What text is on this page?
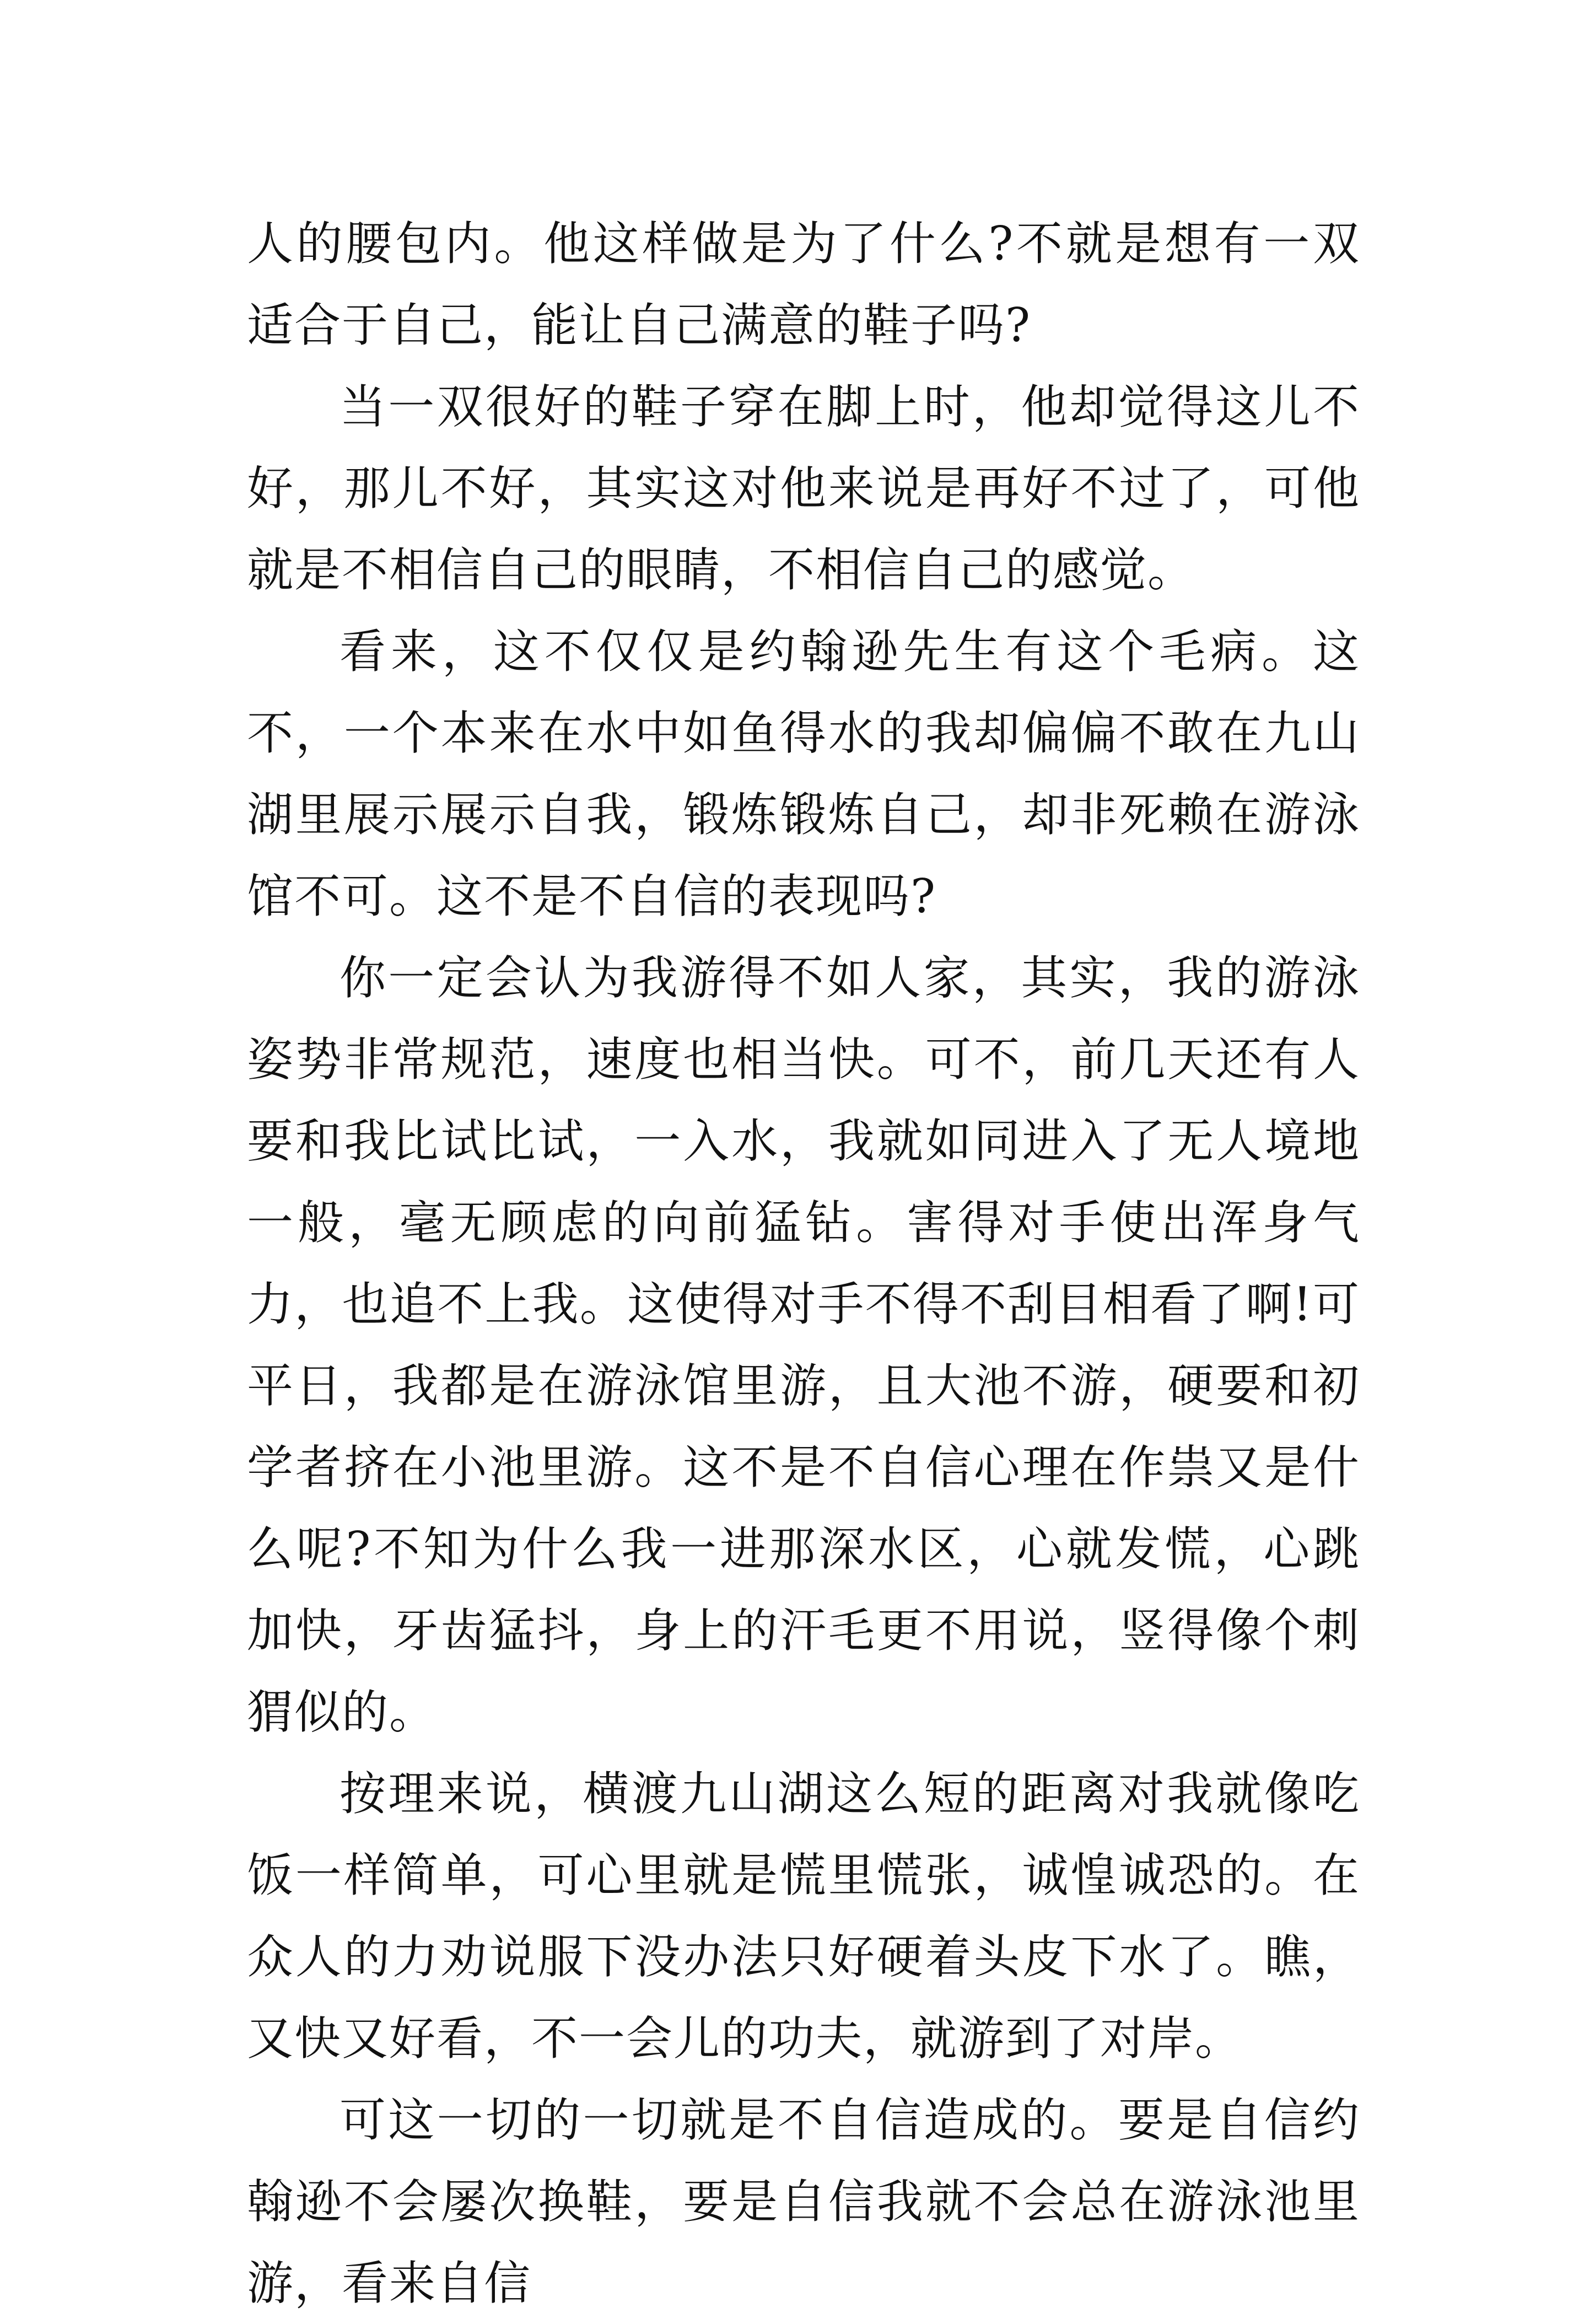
人的腰包内。他这样做是为了什么?不就是想有一双适合于自己，能让自己满意的鞋子吗?

当一双很好的鞋子穿在脚上时，他却觉得这儿不好，那儿不好，其实这对他来说是再好不过了，可他就是不相信自己的眼睛，不相信自己的感觉。

看来，这不仅仅是约翰逊先生有这个毛病。这不，一个本来在水中如鱼得水的我却偏偏不敢在九山湖里展示展示自我，锻炼锻炼自己，却非死赖在游泳馆不可。这不是不自信的表现吗?

你一定会认为我游得不如人家，其实，我的游泳姿势非常规范，速度也相当快。可不，前几天还有人要和我比试比试，一入水，我就如同进入了无人境地一般，毫无顾虑的向前猛钻。害得对手使出浑身气力，也追不上我。这使得对手不得不刮目相看了啊!可平日，我都是在游泳馆里游，且大池不游，硬要和初学者挤在小池里游。这不是不自信心理在作祟又是什么呢?不知为什么我一进那深水区，心就发慌，心跳加快，牙齿猛抖，身上的汗毛更不用说，竖得像个刺猬似的。

按理来说，横渡九山湖这么短的距离对我就像吃饭一样简单，可心里就是慌里慌张，诚惶诚恐的。在众人的力劝说服下没办法只好硬着头皮下水了。瞧，又快又好看，不一会儿的功夫，就游到了对岸。

可这一切的一切就是不自信造成的。要是自信约翰逊不会屡次换鞋，要是自信我就不会总在游泳池里游，看来自信
